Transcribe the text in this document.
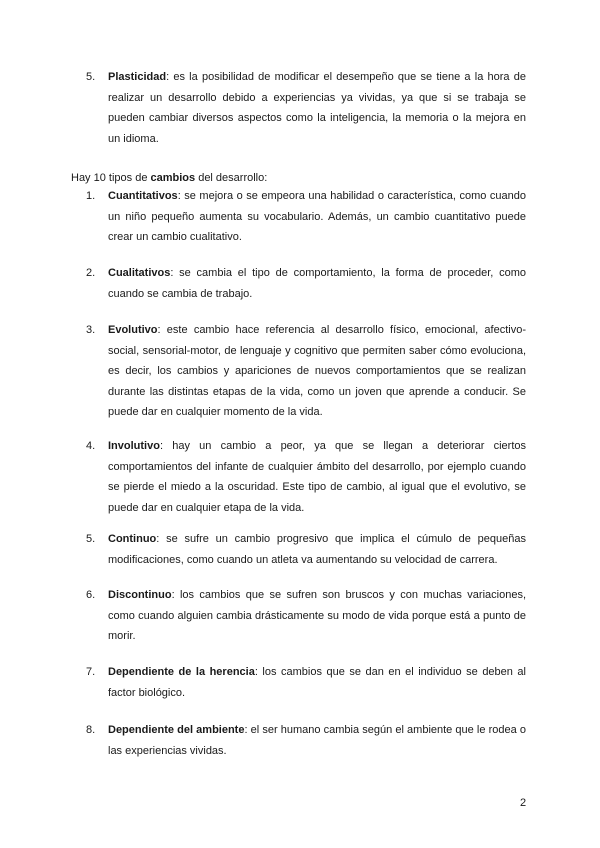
5.	Plasticidad: es la posibilidad de modificar el desempeño que se tiene a la hora de realizar un desarrollo debido a experiencias ya vividas, ya que si se trabaja se pueden cambiar diversos aspectos como la inteligencia, la memoria o la mejora en un idioma.
Hay 10 tipos de cambios del desarrollo:
1.	Cuantitativos: se mejora o se empeora una habilidad o característica, como cuando un niño pequeño aumenta su vocabulario. Además, un cambio cuantitativo puede crear un cambio cualitativo.
2.	Cualitativos: se cambia el tipo de comportamiento, la forma de proceder, como cuando se cambia de trabajo.
3.	Evolutivo: este cambio hace referencia al desarrollo físico, emocional, afectivo-social, sensorial-motor, de lenguaje y cognitivo que permiten saber cómo evoluciona, es decir, los cambios y apariciones de nuevos comportamientos que se realizan durante las distintas etapas de la vida, como un joven que aprende a conducir. Se puede dar en cualquier momento de la vida.
4.	Involutivo: hay un cambio a peor, ya que se llegan a deteriorar ciertos comportamientos del infante de cualquier ámbito del desarrollo, por ejemplo cuando se pierde el miedo a la oscuridad. Este tipo de cambio, al igual que el evolutivo, se puede dar en cualquier etapa de la vida.
5.	Continuo: se sufre un cambio progresivo que implica el cúmulo de pequeñas modificaciones, como cuando un atleta va aumentando su velocidad de carrera.
6.	Discontinuo: los cambios que se sufren son bruscos y con muchas variaciones, como cuando alguien cambia drásticamente su modo de vida porque está a punto de morir.
7.	Dependiente de la herencia: los cambios que se dan en el individuo se deben al factor biológico.
8.	Dependiente del ambiente: el ser humano cambia según el ambiente que le rodea o las experiencias vividas.
2
